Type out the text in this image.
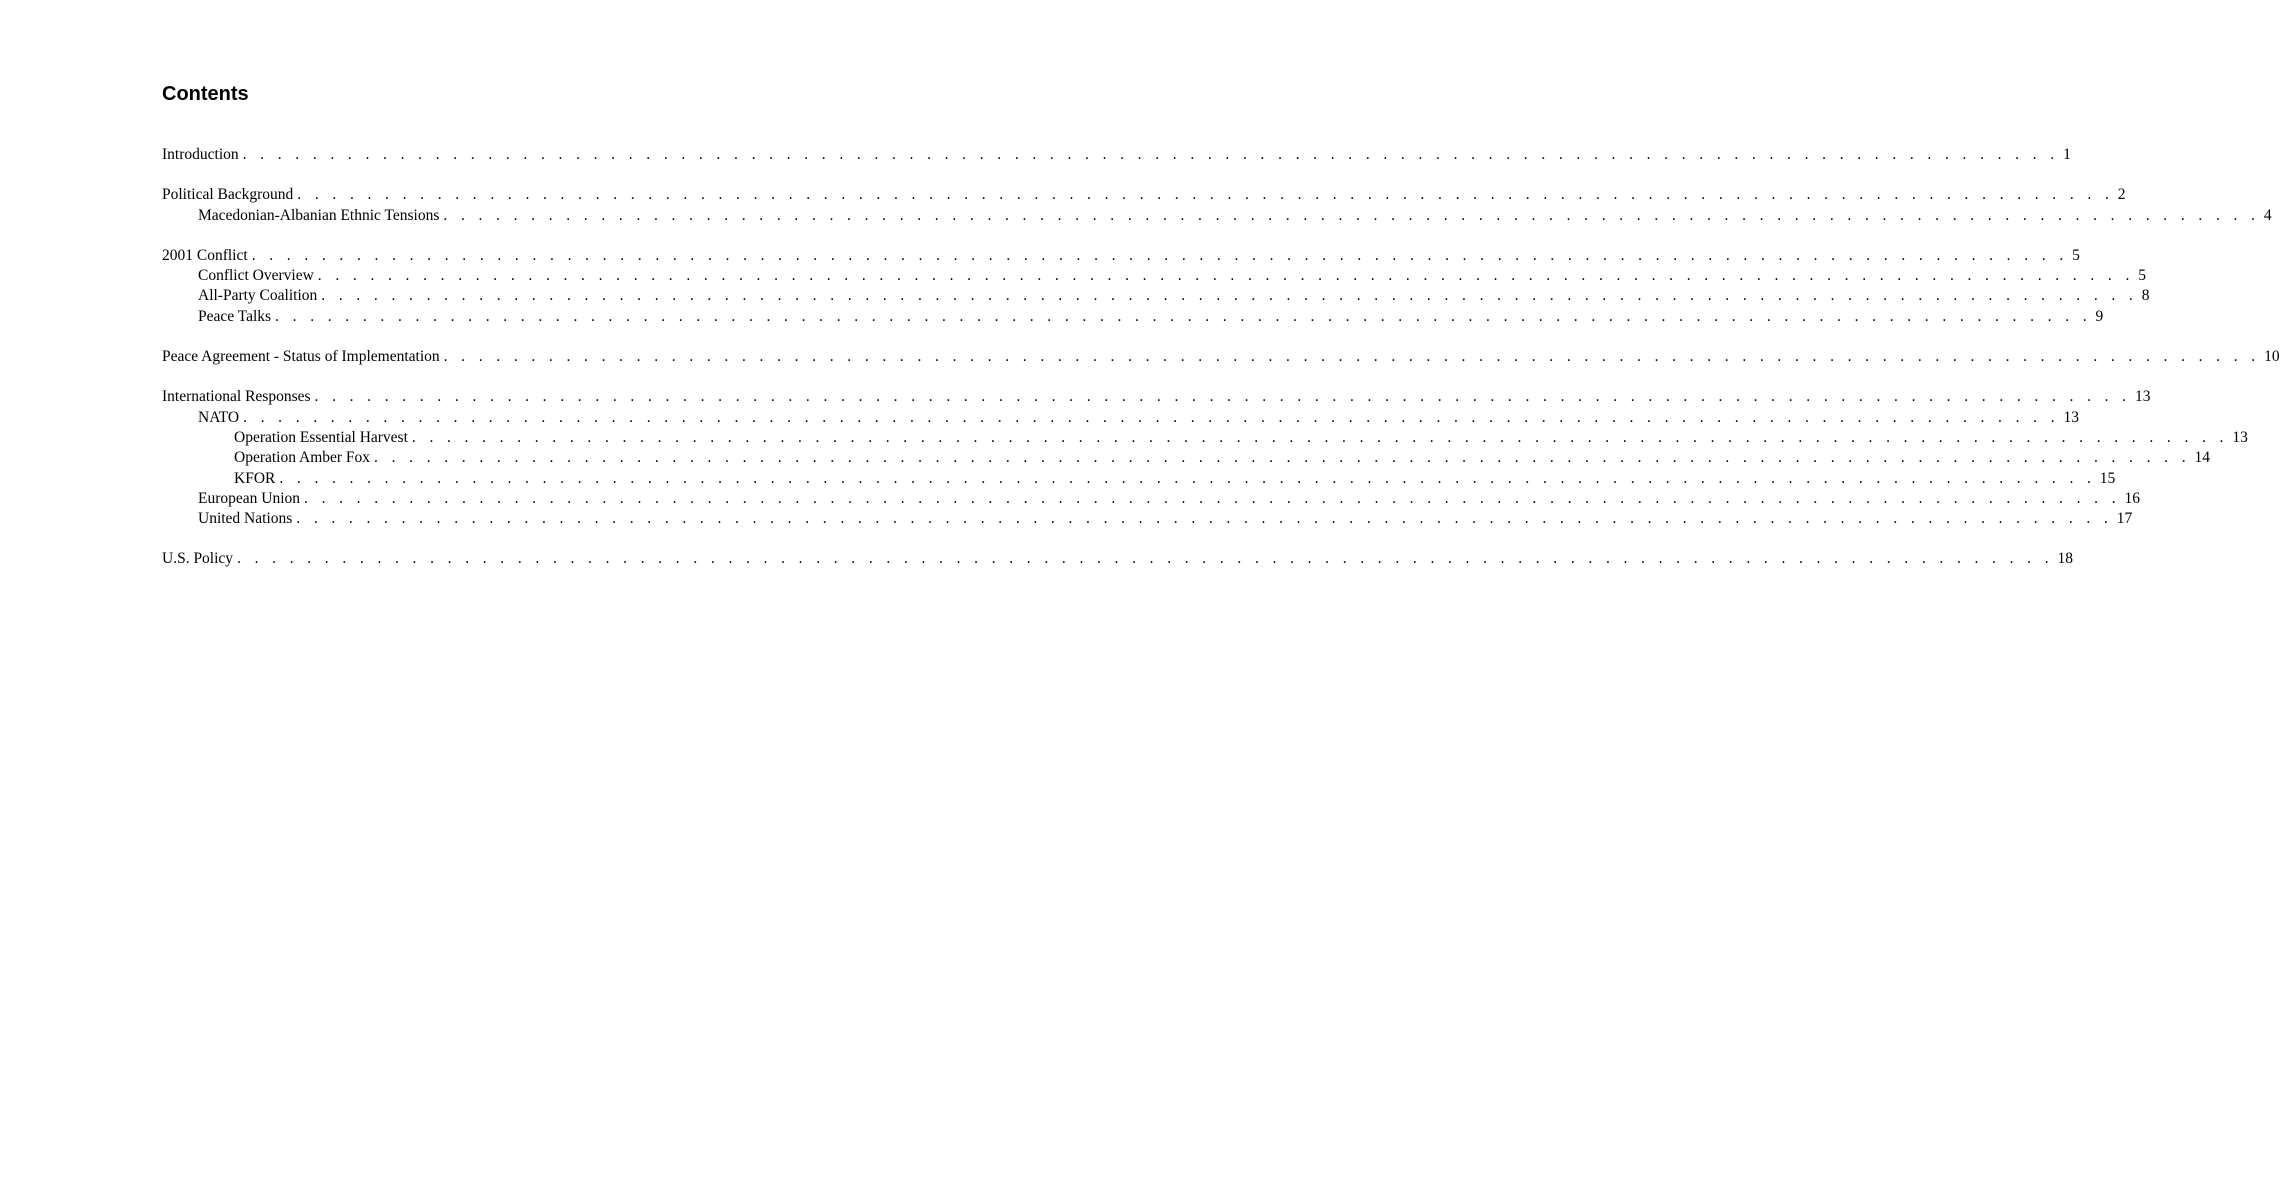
Contents
Introduction . . . . . . . . . . . . . . . . . . . . . . . . . . . . . . . . . . . . . . . . . . . . . . . . . . . . . . . . . . . . . . . . . . . . . . . . . . . . . . . . . . . . . . . . . . . . . . . . . . . . . . . . 1
Political Background . . . . . . . . . . . . . . . . . . . . . . . . . . . . . . . . . . . . . . . . . . . . . . . . . . . . . . . . . . . . . . . . . . . . . . . . . . . . . . . . . . . . . . . . . . . . . . . . . . . . . . . . 2
Macedonian-Albanian Ethnic Tensions . . . . . . . . . . . . . . . . . . . . . . . . . . . . . . . . . . . . . . . . . . . . . . . . . . . . . . . . . . . . . . . . . . . . . . . . . . . . . . . . . . . . . . . . . . . . . . . . . . . . . . . . 4
2001 Conflict . . . . . . . . . . . . . . . . . . . . . . . . . . . . . . . . . . . . . . . . . . . . . . . . . . . . . . . . . . . . . . . . . . . . . . . . . . . . . . . . . . . . . . . . . . . . . . . . . . . . . . . . 5
Conflict Overview . . . . . . . . . . . . . . . . . . . . . . . . . . . . . . . . . . . . . . . . . . . . . . . . . . . . . . . . . . . . . . . . . . . . . . . . . . . . . . . . . . . . . . . . . . . . . . . . . . . . . . . . 5
All-Party Coalition . . . . . . . . . . . . . . . . . . . . . . . . . . . . . . . . . . . . . . . . . . . . . . . . . . . . . . . . . . . . . . . . . . . . . . . . . . . . . . . . . . . . . . . . . . . . . . . . . . . . . . . . 8
Peace Talks . . . . . . . . . . . . . . . . . . . . . . . . . . . . . . . . . . . . . . . . . . . . . . . . . . . . . . . . . . . . . . . . . . . . . . . . . . . . . . . . . . . . . . . . . . . . . . . . . . . . . . . . 9
Peace Agreement - Status of Implementation . . . . . . . . . . . . . . . . . . . . . . . . . . . . . . . . . . . . . . . . . . . . . . . . . . . . . . . . . . . . . . . . . . . . . . . . . . . . . . . . . . . . . . . . . . . . . . . . . . . . . . . . 10
International Responses . . . . . . . . . . . . . . . . . . . . . . . . . . . . . . . . . . . . . . . . . . . . . . . . . . . . . . . . . . . . . . . . . . . . . . . . . . . . . . . . . . . . . . . . . . . . . . . . . . . . . . . . 13
NATO . . . . . . . . . . . . . . . . . . . . . . . . . . . . . . . . . . . . . . . . . . . . . . . . . . . . . . . . . . . . . . . . . . . . . . . . . . . . . . . . . . . . . . . . . . . . . . . . . . . . . . . . 13
Operation Essential Harvest . . . . . . . . . . . . . . . . . . . . . . . . . . . . . . . . . . . . . . . . . . . . . . . . . . . . . . . . . . . . . . . . . . . . . . . . . . . . . . . . . . . . . . . . . . . . . . . . . . . . . . . . 13
Operation Amber Fox . . . . . . . . . . . . . . . . . . . . . . . . . . . . . . . . . . . . . . . . . . . . . . . . . . . . . . . . . . . . . . . . . . . . . . . . . . . . . . . . . . . . . . . . . . . . . . . . . . . . . . . . 14
KFOR . . . . . . . . . . . . . . . . . . . . . . . . . . . . . . . . . . . . . . . . . . . . . . . . . . . . . . . . . . . . . . . . . . . . . . . . . . . . . . . . . . . . . . . . . . . . . . . . . . . . . . . . 15
European Union . . . . . . . . . . . . . . . . . . . . . . . . . . . . . . . . . . . . . . . . . . . . . . . . . . . . . . . . . . . . . . . . . . . . . . . . . . . . . . . . . . . . . . . . . . . . . . . . . . . . . . . . 16
United Nations . . . . . . . . . . . . . . . . . . . . . . . . . . . . . . . . . . . . . . . . . . . . . . . . . . . . . . . . . . . . . . . . . . . . . . . . . . . . . . . . . . . . . . . . . . . . . . . . . . . . . . . . 17
U.S. Policy . . . . . . . . . . . . . . . . . . . . . . . . . . . . . . . . . . . . . . . . . . . . . . . . . . . . . . . . . . . . . . . . . . . . . . . . . . . . . . . . . . . . . . . . . . . . . . . . . . . . . . . . 18
